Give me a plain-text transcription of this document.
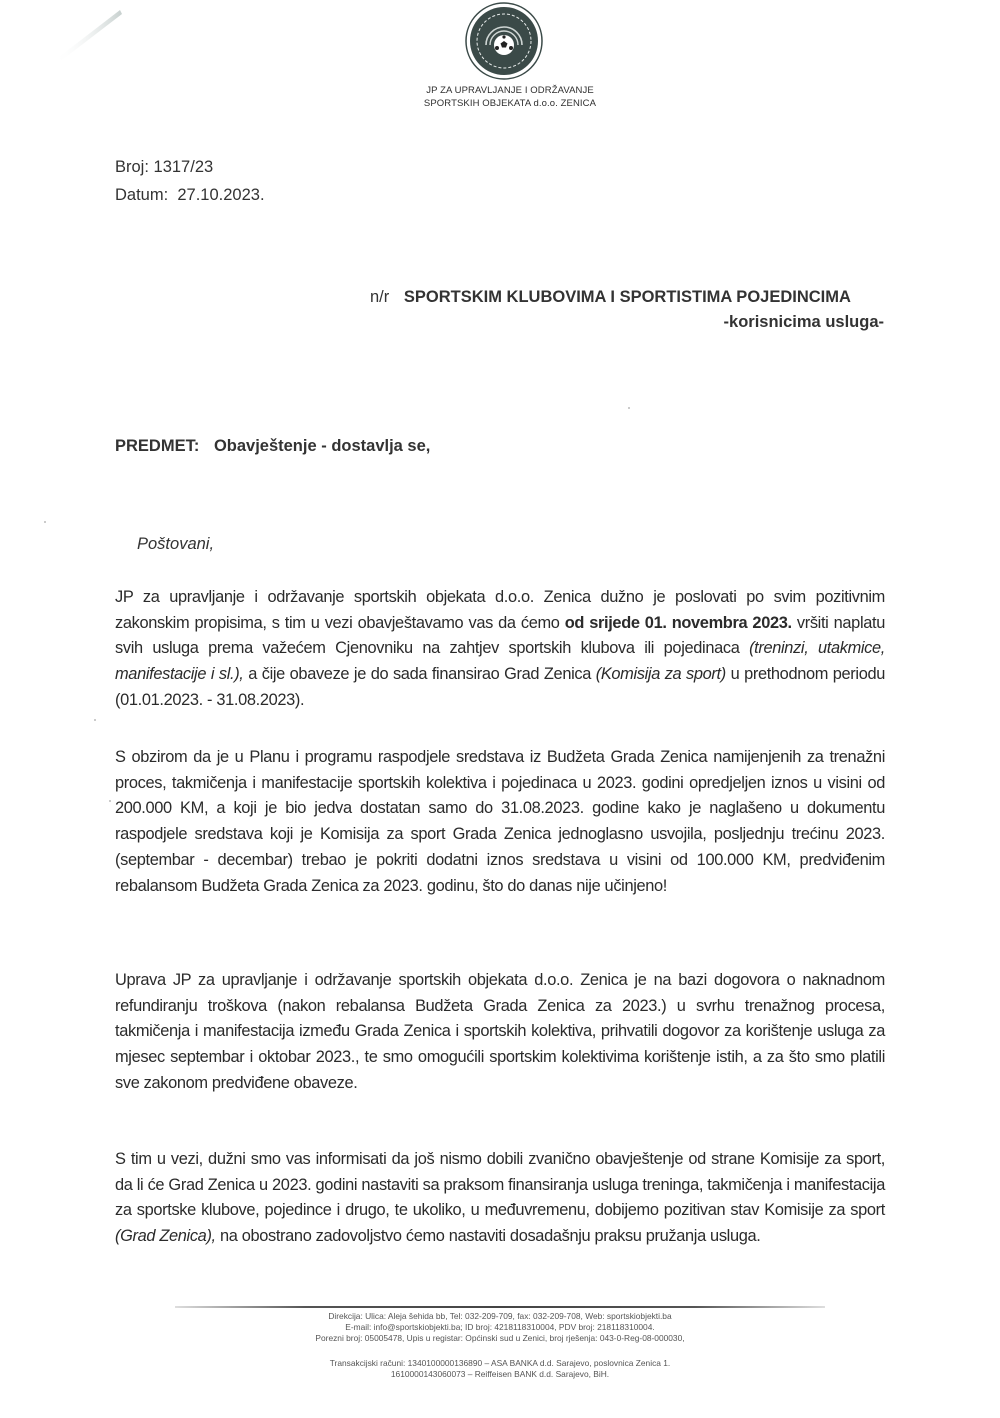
JP ZA UPRAVLJANJE I ODRŽAVANJE
SPORTSKIH OBJEKATA d.o.o. ZENICA
Broj: 1317/23
Datum: 27.10.2023.
n/r SPORTSKIM KLUBOVIMA I SPORTISTIMA POJEDINCIMA
-korisnicima usluga-
PREDMET: Obavještenje - dostavlja se,
Poštovani,
JP za upravljanje i održavanje sportskih objekata d.o.o. Zenica dužno je poslovati po svim pozitivnim zakonskim propisima, s tim u vezi obavještavamo vas da ćemo od srijede 01. novembra 2023. vršiti naplatu svih usluga prema važećem Cjenovniku na zahtjev sportskih klubova ili pojedinaca (treninzi, utakmice, manifestacije i sl.), a čije obaveze je do sada finansirao Grad Zenica (Komisija za sport) u prethodnom periodu (01.01.2023. - 31.08.2023).
S obzirom da je u Planu i programu raspodjele sredstava iz Budžeta Grada Zenica namijenjenih za trenažni proces, takmičenja i manifestacije sportskih kolektiva i pojedinaca u 2023. godini opredjeljen iznos u visini od 200.000 KM, a koji je bio jedva dostatan samo do 31.08.2023. godine kako je naglašeno u dokumentu raspodjele sredstava koji je Komisija za sport Grada Zenica jednoglasno usvojila, posljednju trećinu 2023. (septembar - decembar) trebao je pokriti dodatni iznos sredstava u visini od 100.000 KM, predviđenim rebalansom Budžeta Grada Zenica za 2023. godinu, što do danas nije učinjeno!
Uprava JP za upravljanje i održavanje sportskih objekata d.o.o. Zenica je na bazi dogovora o naknadnom refundiranju troškova (nakon rebalansa Budžeta Grada Zenica za 2023.) u svrhu trenažnog procesa, takmičenja i manifestacija između Grada Zenica i sportskih kolektiva, prihvatili dogovor za korištenje usluga za mjesec septembar i oktobar 2023., te smo omogućili sportskim kolektivima korištenje istih, a za što smo platili sve zakonom predviđene obaveze.
S tim u vezi, dužni smo vas informisati da još nismo dobili zvanično obavještenje od strane Komisije za sport, da li će Grad Zenica u 2023. godini nastaviti sa praksom finansiranja usluga treninga, takmičenja i manifestacija za sportske klubove, pojedince i drugo, te ukoliko, u međuvremenu, dobijemo pozitivan stav Komisije za sport (Grad Zenica), na obostrano zadovoljstvo ćemo nastaviti dosadašnju praksu pružanja usluga.
Direkcija: Ulica: Aleja šehida bb, Tel: 032-209-709, fax: 032-209-708, Web: sportskiobjekti.ba
E-mail: info@sportskiobjekti.ba; ID broj: 4218118310004, PDV broj: 218118310004.
Porezni broj: 05005478, Upis u registar: Općinski sud u Zenici, broj rješenja: 043-0-Reg-08-000030,
Transakcijski računi: 1340100000136890 – ASA BANKA d.d. Sarajevo, poslovnica Zenica 1.
1610000143060073 – Reiffeisen BANK d.d. Sarajevo, BiH.
